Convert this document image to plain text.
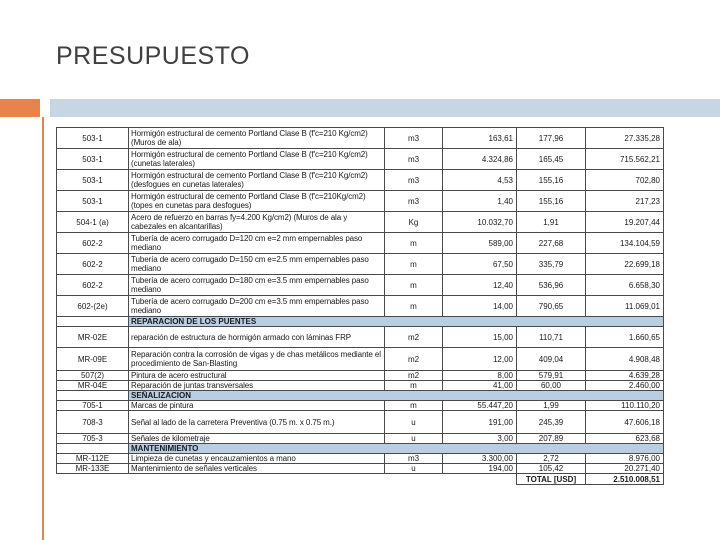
PRESUPUESTO
503-1	Hormigón estructural de cemento Portland Clase B (f'c=210 Kg/cm2) (Muros de ala)	m3	163,61	177,96	27.335,28
503-1	Hormigón estructural de cemento Portland Clase B (f'c=210 Kg/cm2) (cunetas laterales)	m3	4.324,86	165,45	715.562,21
503-1	Hormigón estructural de cemento Portland Clase B (f'c=210 Kg/cm2) (desfogues en cunetas laterales)	m3	4,53	155,16	702,80
503-1	Hormigón estructural de cemento Portland Clase B (f'c=210Kg/cm2) (topes en cunetas para desfogues)	m3	1,40	155,16	217,23
504-1 (a)	Acero de refuerzo en barras fy=4.200 Kg/cm2) (Muros de ala y cabezales en alcantarillas)	Kg	10.032,70	1,91	19.207,44
602-2	Tubería de acero corrugado D=120 cm e=2 mm empernables paso mediano	m	589,00	227,68	134.104,59
602-2	Tubería de acero corrugado D=150 cm e=2.5 mm empernables paso mediano	m	67,50	335,79	22.699,18
602-2	Tubería de acero corrugado D=180 cm e=3.5 mm empernables paso mediano	m	12,40	536,96	6.658,30
602-(2e)	Tubería de acero corrugado D=200 cm e=3.5 mm empernables paso mediano	m	14,00	790,65	11.069,01
	REPARACION DE LOS PUENTES				
MR-02E	reparación de estructura de hormigón armado con láminas FRP	m2	15,00	110,71	1.660,65
MR-09E	Reparación contra la corrosión de vigas y de chas metálicos mediante el procedimiento de San-Blasting	m2	12,00	409,04	4.908,48
507(2)	Pintura de acero estructural	m2	8,00	579,91	4.639,28
MR-04E	Reparación de juntas transversales	m	41,00	60,00	2.460,00
	SEÑALIZACION				
705-1	Marcas de pintura	m	55.447,20	1,99	110.110,20
708-3	Señal al lado de la carretera Preventiva (0.75 m. x 0.75 m.)	u	191,00	245,39	47.606,18
705-3	Señales de kilometraje	u	3,00	207,89	623,68
	MANTENIMIENTO				
MR-112E	Limpieza de cunetas y encauzamientos a mano	m3	3.300,00	2,72	8.976,00
MR-133E	Mantenimiento de señales verticales	u	194,00	105,42	20.271,40
				TOTAL [USD]	2.510.008,51
